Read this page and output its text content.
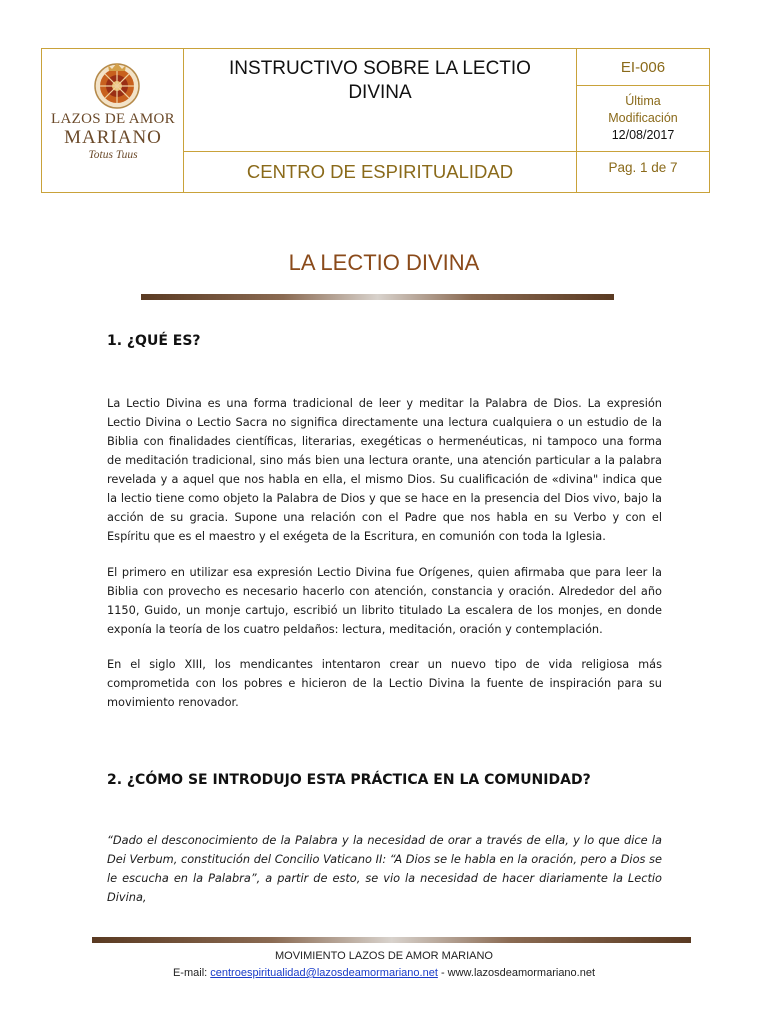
LAZOS DE AMOR
MARIANO
Totus Tuus
INSTRUCTIVO SOBRE LA LECTIO DIVINA
EI-006
Última
Modificación
12/08/2017
CENTRO DE ESPIRITUALIDAD	Pag. 1 de 7
LA LECTIO DIVINA
1. ¿QUÉ ES?
La Lectio Divina es una forma tradicional de leer y meditar la Palabra de Dios. La expresión Lectio Divina o Lectio Sacra no significa directamente una lectura cualquiera o un estudio de la Biblia con finalidades científicas, literarias, exegéticas o hermenéuticas, ni tampoco una forma de meditación tradicional, sino más bien una lectura orante, una atención particular a la palabra revelada y a aquel que nos habla en ella, el mismo Dios. Su cualificación de «divina" indica que la lectio tiene como objeto la Palabra de Dios y que se hace en la presencia del Dios vivo, bajo la acción de su gracia. Supone una relación con el Padre que nos habla en su Verbo y con el Espíritu que es el maestro y el exégeta de la Escritura, en comunión con toda la Iglesia.
El primero en utilizar esa expresión Lectio Divina fue Orígenes, quien afirmaba que para leer la Biblia con provecho es necesario hacerlo con atención, constancia y oración. Alrededor del año 1150, Guido, un monje cartujo, escribió un librito titulado La escalera de los monjes, en donde exponía la teoría de los cuatro peldaños: lectura, meditación, oración y contemplación.
En el siglo XIII, los mendicantes intentaron crear un nuevo tipo de vida religiosa más comprometida con los pobres e hicieron de la Lectio Divina la fuente de inspiración para su movimiento renovador.
2. ¿CÓMO SE INTRODUJO ESTA PRÁCTICA EN LA COMUNIDAD?
“Dado el desconocimiento de la Palabra y la necesidad de orar a través de ella, y lo que dice la Dei Verbum, constitución del Concilio Vaticano II: “A Dios se le habla en la oración, pero a Dios se le escucha en la Palabra”, a partir de esto, se vio la necesidad de hacer diariamente la Lectio Divina,
MOVIMIENTO LAZOS DE AMOR MARIANO
E-mail: centroespiritualidad@lazosdeamormariano.net - www.lazosdeamormariano.net
